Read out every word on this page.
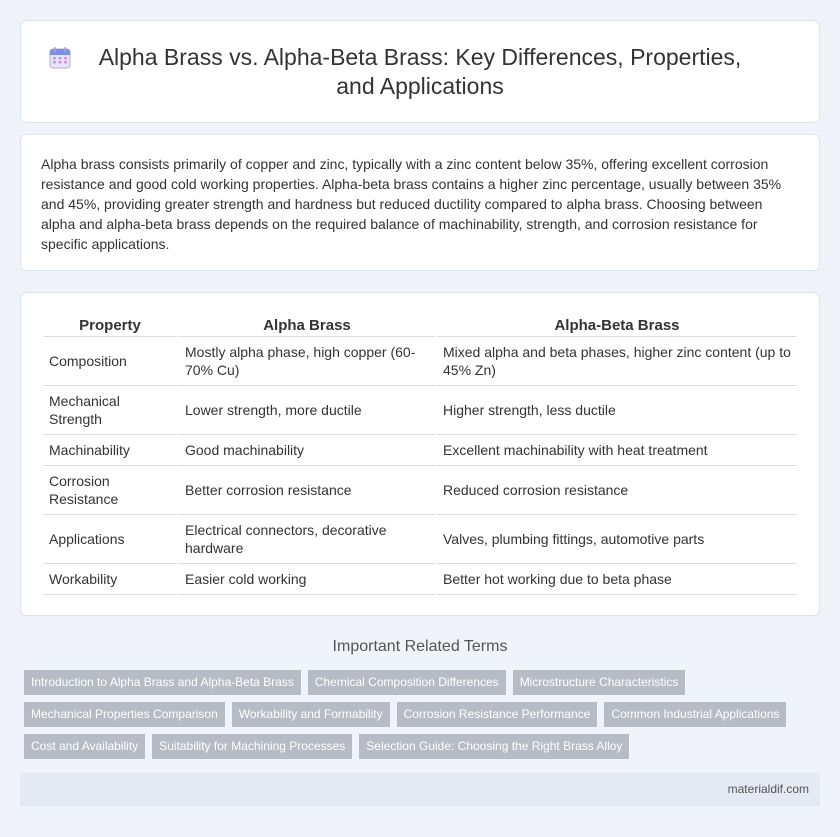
Alpha Brass vs. Alpha-Beta Brass: Key Differences, Properties, and Applications

Alpha brass consists primarily of copper and zinc, typically with a zinc content below 35%, offering excellent corrosion resistance and good cold working properties. Alpha-beta brass contains a higher zinc percentage, usually between 35% and 45%, providing greater strength and hardness but reduced ductility compared to alpha brass. Choosing between alpha and alpha-beta brass depends on the required balance of machinability, strength, and corrosion resistance for specific applications.

Property	Alpha Brass	Alpha-Beta Brass
Composition	Mostly alpha phase, high copper (60-70% Cu)	Mixed alpha and beta phases, higher zinc content (up to 45% Zn)
Mechanical Strength	Lower strength, more ductile	Higher strength, less ductile
Machinability	Good machinability	Excellent machinability with heat treatment
Corrosion Resistance	Better corrosion resistance	Reduced corrosion resistance
Applications	Electrical connectors, decorative hardware	Valves, plumbing fittings, automotive parts
Workability	Easier cold working	Better hot working due to beta phase
Important Related Terms
Introduction to Alpha Brass and Alpha-Beta Brass	Chemical Composition Differences	Microstructure Characteristics
Mechanical Properties Comparison	Workability and Formability	Corrosion Resistance Performance	Common Industrial Applications
Cost and Availability	Suitability for Machining Processes	Selection Guide: Choosing the Right Brass Alloy
materialdif.com
